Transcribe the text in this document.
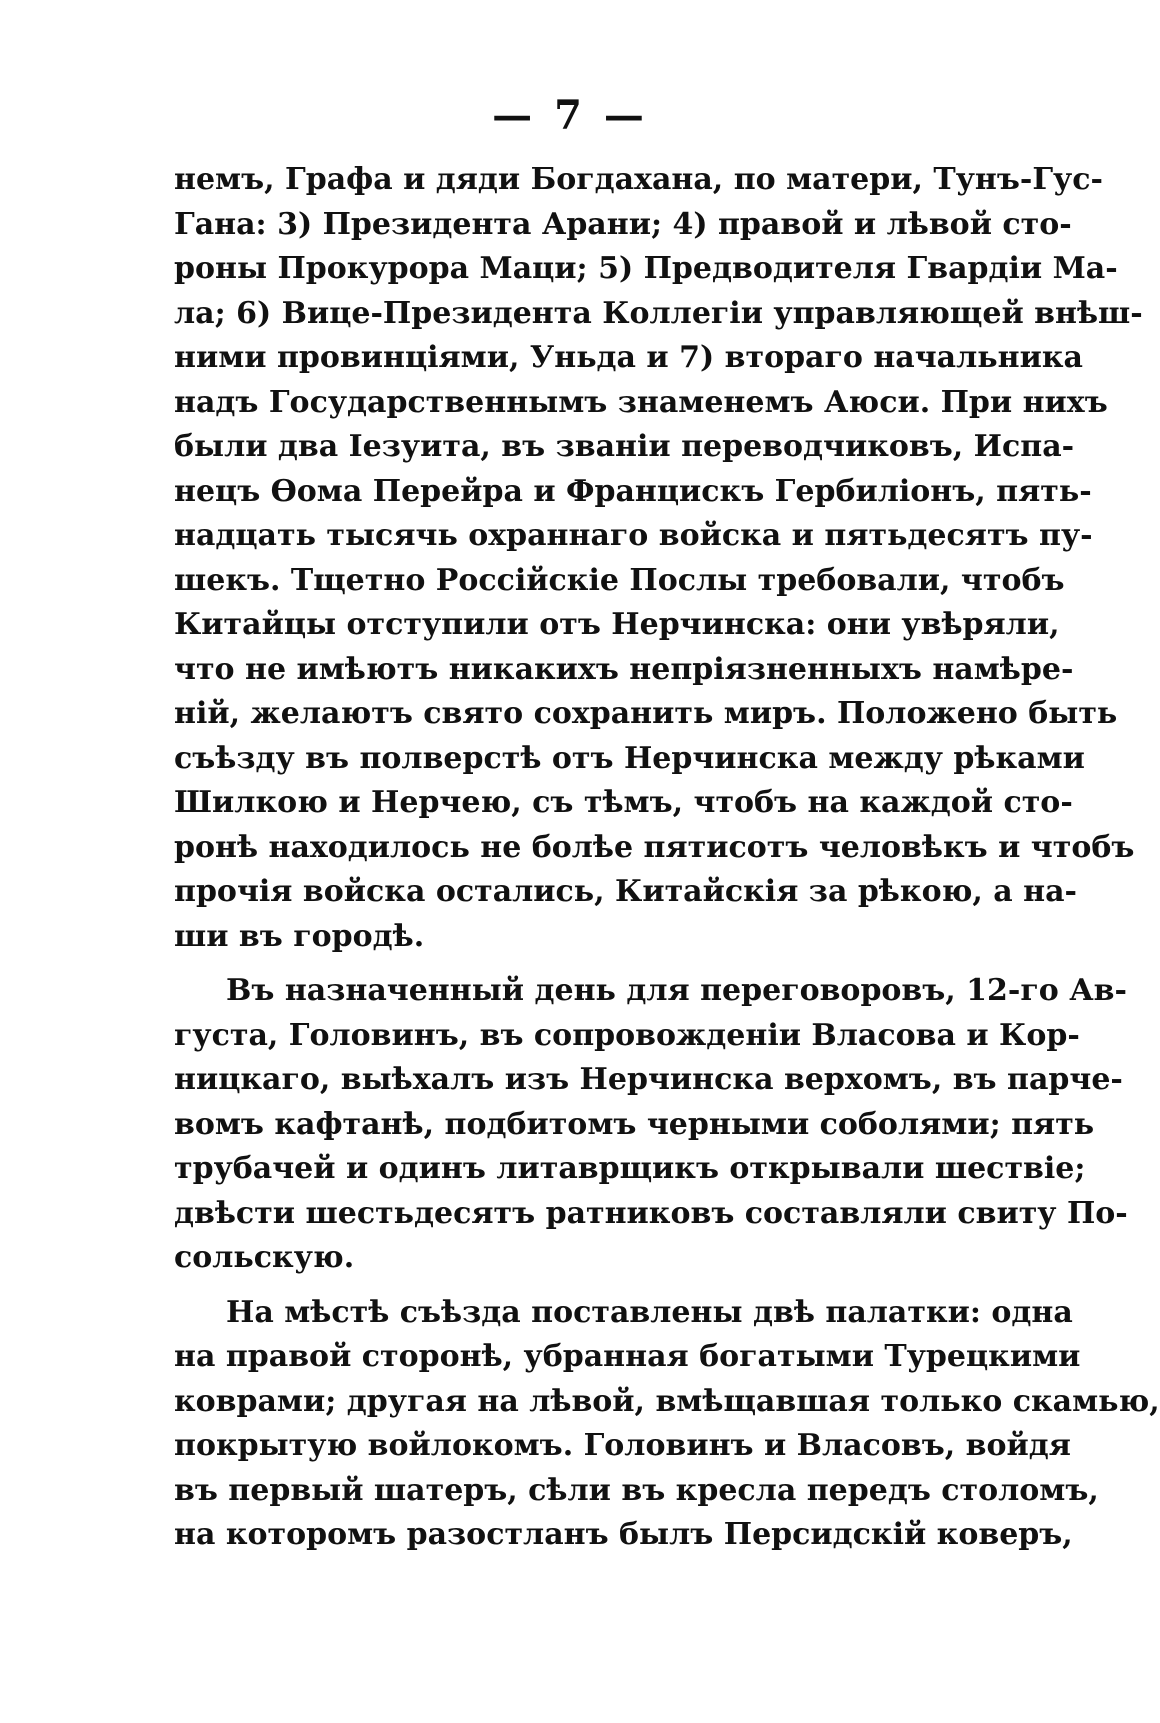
— 7 —
немъ, Графа и дяди Богдахана, по матери, Тунъ-Гус-
Гана: 3) Президента Арани; 4) правой и лѣвой сто-
роны Прокурора Маци; 5) Предводителя Гвардіи Ма-
ла; 6) Вице-Президента Коллегіи управляющей внѣш-
ними провинціями, Уньда и 7) втораго начальника
надъ Государственнымъ знаменемъ Аюси. При нихъ
были два Іезуита, въ званіи переводчиковъ, Испа-
нецъ Ѳома Перейра и Францискъ Гербиліонъ, пять-
надцать тысячь охраннаго войска и пятьдесятъ пу-
шекъ. Тщетно Россійскіе Послы требовали, чтобъ
Китайцы отступили отъ Нерчинска: они увѣряли,
что не имѣютъ никакихъ непріязненныхъ намѣре-
ній, желаютъ свято сохранить миръ. Положено быть
съѣзду въ полверстѣ отъ Нерчинска между рѣками
Шилкою и Нерчею, съ тѣмъ, чтобъ на каждой сто-
ронѣ находилось не болѣе пятисотъ человѣкъ и чтобъ
прочія войска остались, Китайскія за рѣкою, а на-
ши въ городѣ.
Въ назначенный день для переговоровъ, 12-го Ав-
густа, Головинъ, въ сопровожденіи Власова и Кор-
ницкаго, выѣхалъ изъ Нерчинска верхомъ, въ парче-
вомъ кафтанѣ, подбитомъ черными соболями; пять
трубачей и одинъ литаврщикъ открывали шествіе;
двѣсти шестьдесятъ ратниковъ составляли свиту По-
сольскую.
На мѣстѣ съѣзда поставлены двѣ палатки: одна
на правой сторонѣ, убранная богатыми Турецкими
коврами; другая на лѣвой, вмѣщавшая только скамью,
покрытую войлокомъ. Головинъ и Власовъ, войдя
въ первый шатеръ, сѣли въ кресла передъ столомъ,
на которомъ разостланъ былъ Персидскій коверъ,
